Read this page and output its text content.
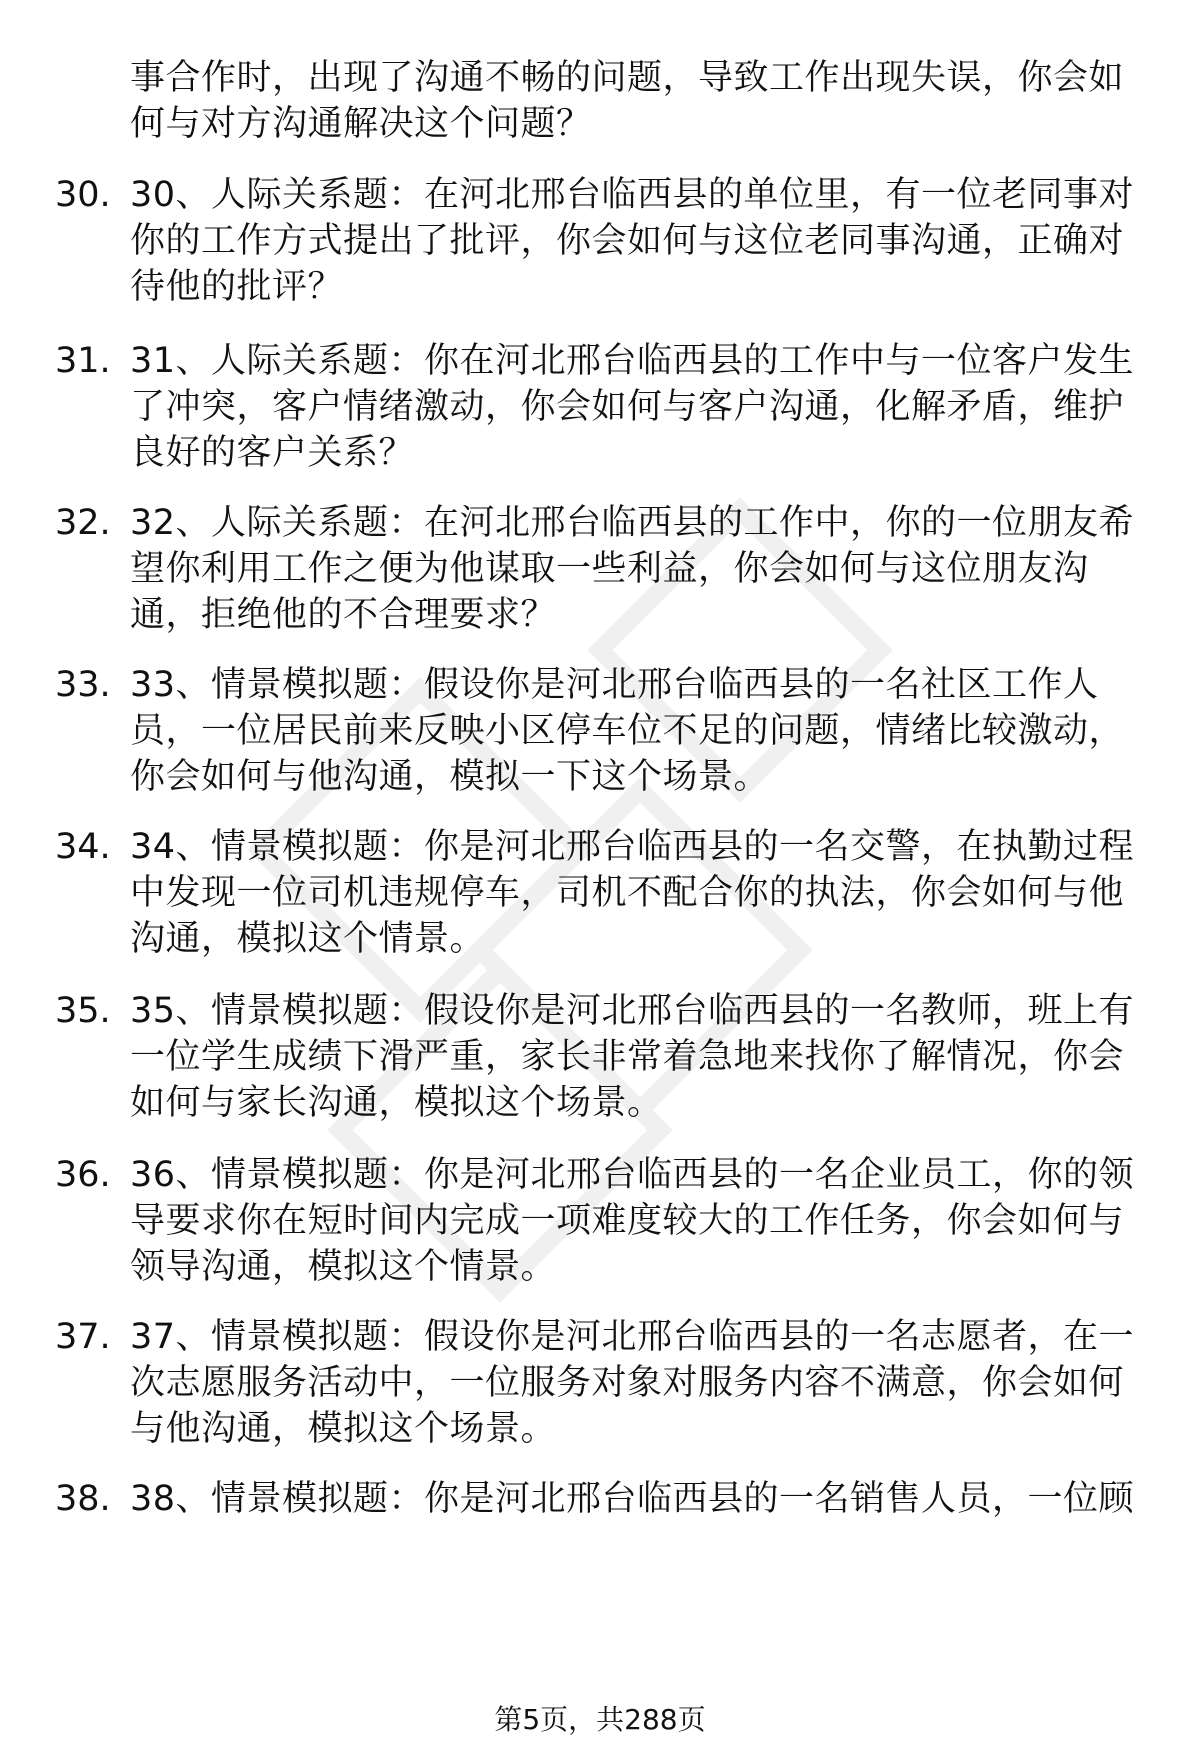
事合作时，出现了沟通不畅的问题，导致工作出现失误，你会如何与对方沟通解决这个问题？

30. 30、人际关系题：在河北邢台临西县的单位里，有一位老同事对你的工作方式提出了批评，你会如何与这位老同事沟通，正确对待他的批评？

31. 31、人际关系题：你在河北邢台临西县的工作中与一位客户发生了冲突，客户情绪激动，你会如何与客户沟通，化解矛盾，维护良好的客户关系？

32. 32、人际关系题：在河北邢台临西县的工作中，你的一位朋友希望你利用工作之便为他谋取一些利益，你会如何与这位朋友沟通，拒绝他的不合理要求？

33. 33、情景模拟题：假设你是河北邢台临西县的一名社区工作人员，一位居民前来反映小区停车位不足的问题，情绪比较激动，你会如何与他沟通，模拟一下这个场景。

34. 34、情景模拟题：你是河北邢台临西县的一名交警，在执勤过程中发现一位司机违规停车，司机不配合你的执法，你会如何与他沟通，模拟这个情景。

35. 35、情景模拟题：假设你是河北邢台临西县的一名教师，班上有一位学生成绩下滑严重，家长非常着急地来找你了解情况，你会如何与家长沟通，模拟这个场景。

36. 36、情景模拟题：你是河北邢台临西县的一名企业员工，你的领导要求你在短时间内完成一项难度较大的工作任务，你会如何与领导沟通，模拟这个情景。

37. 37、情景模拟题：假设你是河北邢台临西县的一名志愿者，在一次志愿服务活动中，一位服务对象对服务内容不满意，你会如何与他沟通，模拟这个场景。

38. 38、情景模拟题：你是河北邢台临西县的一名销售人员，一位顾

第5页，共288页
